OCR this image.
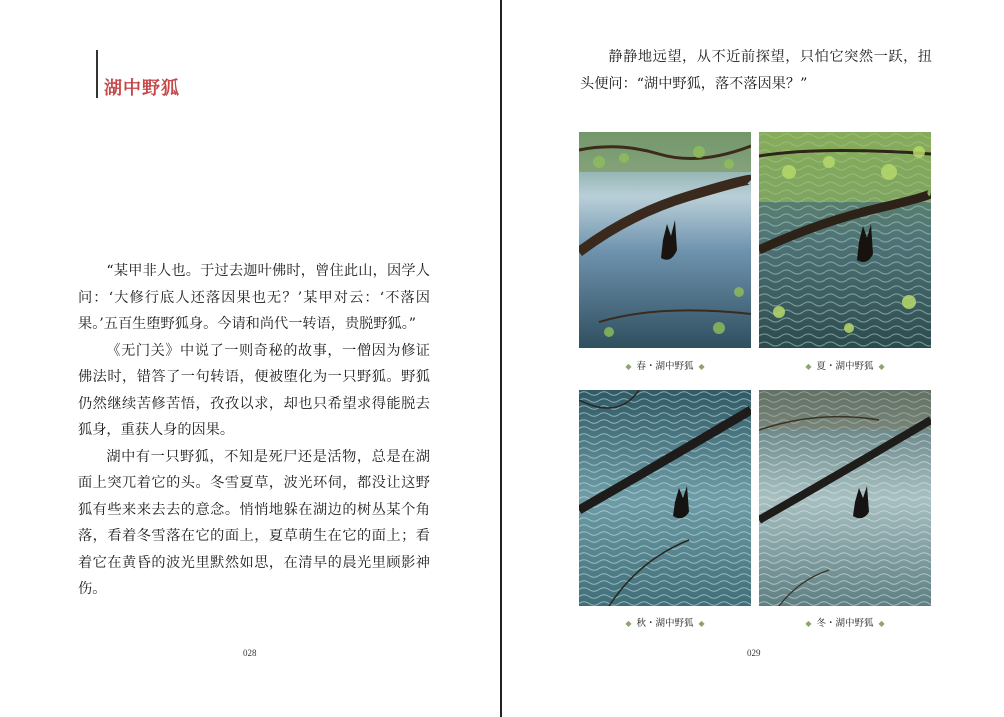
湖中野狐

“某甲非人也。于过去迦叶佛时，曾住此山，因学人问：‘大修行底人还落因果也无？’某甲对云：‘不落因果。’五百生堕野狐身。今请和尚代一转语，贵脱野狐。”

《无门关》中说了一则奇秘的故事，一僧因为修证佛法时，错答了一句转语，便被堕化为一只野狐。野狐仍然继续苦修苦悟，孜孜以求，却也只希望求得能脱去狐身，重获人身的因果。

湖中有一只野狐，不知是死尸还是活物，总是在湖面上突兀着它的头。冬雪夏草，波光环伺，都没让这野狐有些来来去去的意念。悄悄地躲在湖边的树丛某个角落，看着冬雪落在它的面上，夏草萌生在它的面上；看着它在黄昏的波光里默然如思，在清早的晨光里顾影神伤。

028

静静地远望，从不近前探望，只怕它突然一跃，扭头便问：“湖中野狐，落不落因果？”

◆ 春・湖中野狐 ◆	◆ 夏・湖中野狐 ◆
◆ 秋・湖中野狐 ◆	◆ 冬・湖中野狐 ◆
029
